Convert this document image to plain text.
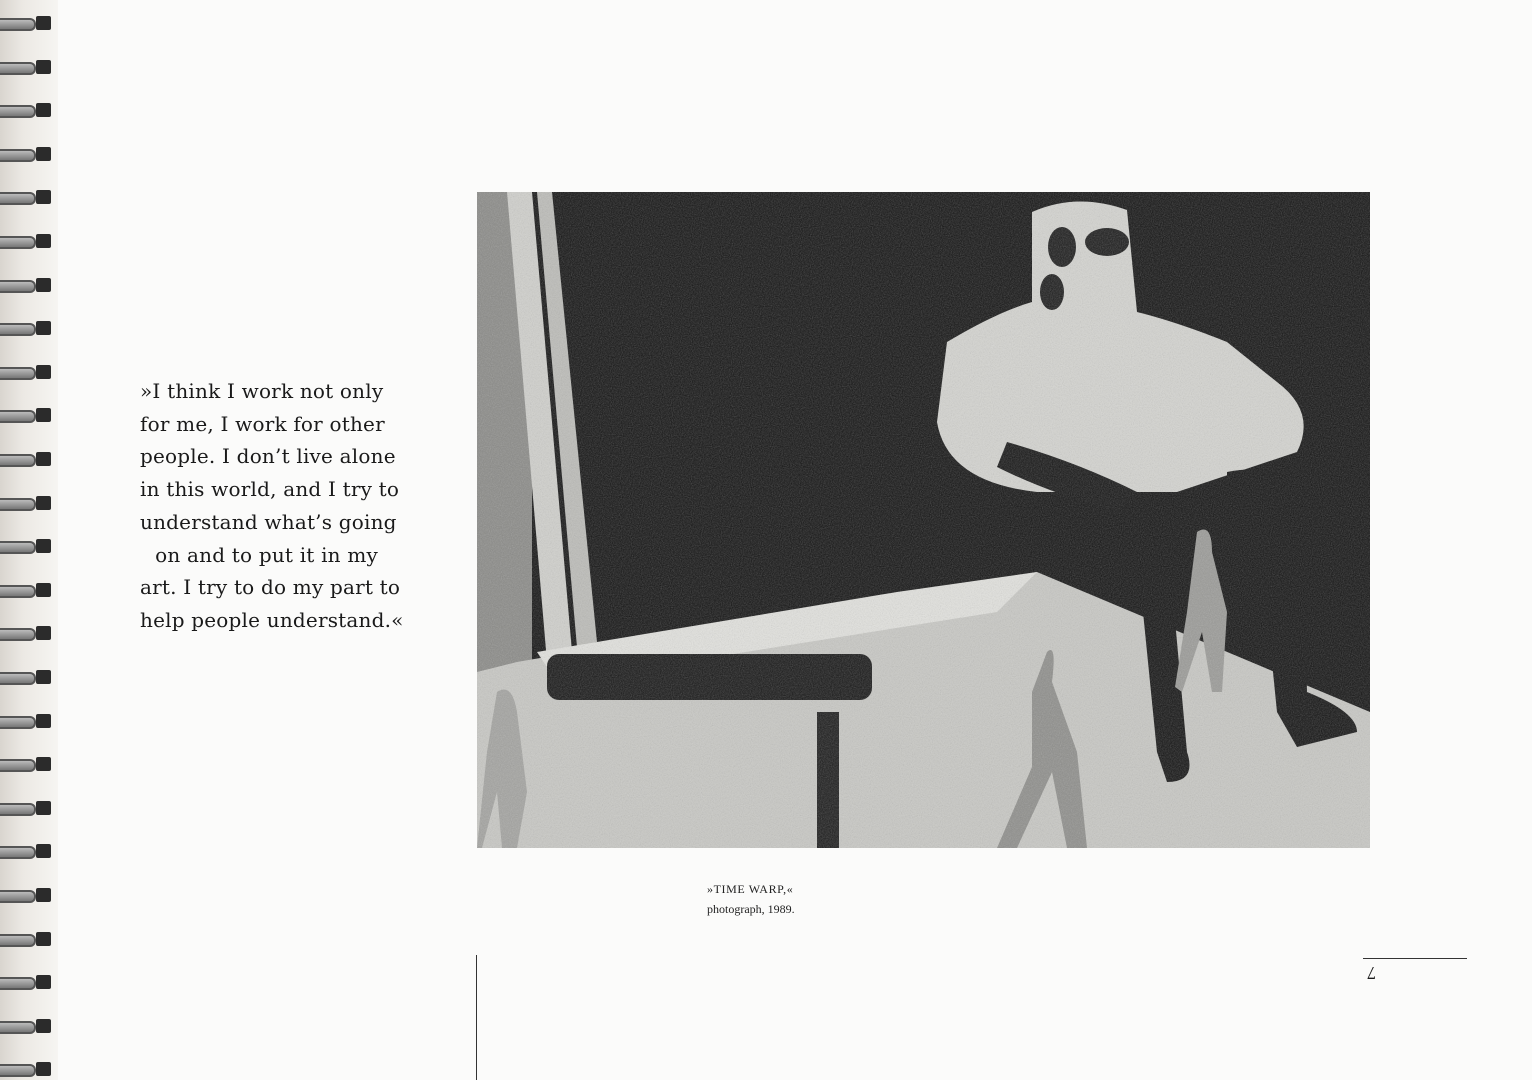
»I think I work not only
for me, I work for other
people. I don’t live alone
in this world, and I try to
understand what’s going
on and to put it in my
art. I try to do my part to
help people understand.«
»TIME WARP,«
photograph, 1989.
7
